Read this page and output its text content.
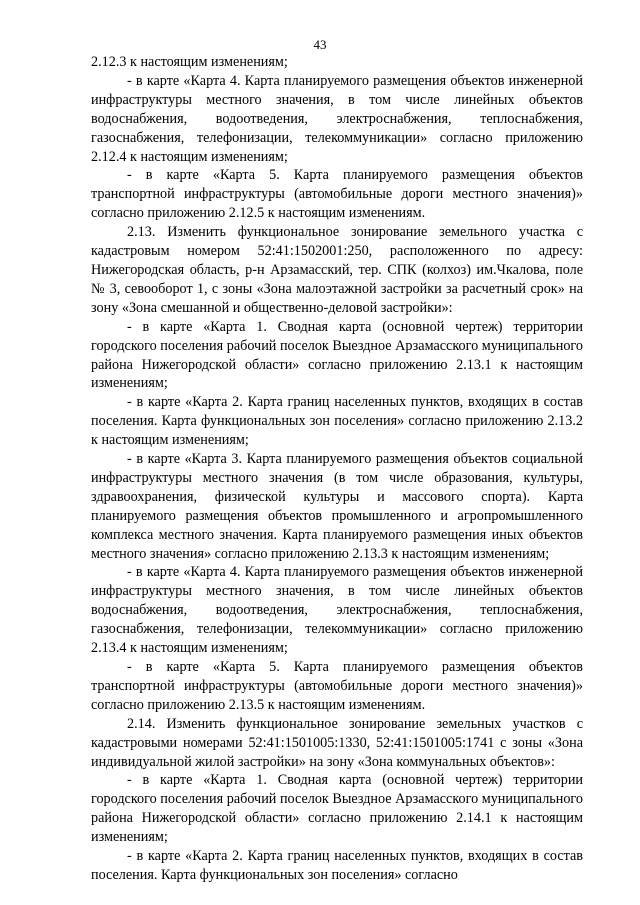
43

2.12.3 к настоящим изменениям;

- в карте «Карта 4. Карта планируемого размещения объектов инженерной инфраструктуры местного значения, в том числе линейных объектов водоснабжения, водоотведения, электроснабжения, теплоснабжения, газоснабжения, телефонизации, телекоммуникации» согласно приложению 2.12.4 к настоящим изменениям;

- в карте «Карта 5. Карта планируемого размещения объектов транспортной инфраструктуры (автомобильные дороги местного значения)» согласно приложению 2.12.5 к настоящим изменениям.

2.13. Изменить функциональное зонирование земельного участка с кадастровым номером 52:41:1502001:250, расположенного по адресу: Нижегородская область, р-н Арзамасский, тер. СПК (колхоз) им.Чкалова, поле № 3, севооборот 1, с зоны «Зона малоэтажной застройки за расчетный срок» на зону «Зона смешанной и общественно-деловой застройки»:

- в карте «Карта 1. Сводная карта (основной чертеж) территории городского поселения рабочий поселок Выездное Арзамасского муниципального района Нижегородской области» согласно приложению 2.13.1 к настоящим изменениям;

- в карте «Карта 2. Карта границ населенных пунктов, входящих в состав поселения. Карта функциональных зон поселения» согласно приложению 2.13.2 к настоящим изменениям;

- в карте «Карта 3. Карта планируемого размещения объектов социальной инфраструктуры местного значения (в том числе образования, культуры, здравоохранения, физической культуры и массового спорта). Карта планируемого размещения объектов промышленного и агропромышленного комплекса местного значения. Карта планируемого размещения иных объектов местного значения» согласно приложению 2.13.3 к настоящим изменениям;

- в карте «Карта 4. Карта планируемого размещения объектов инженерной инфраструктуры местного значения, в том числе линейных объектов водоснабжения, водоотведения, электроснабжения, теплоснабжения, газоснабжения, телефонизации, телекоммуникации» согласно приложению 2.13.4 к настоящим изменениям;

- в карте «Карта 5. Карта планируемого размещения объектов транспортной инфраструктуры (автомобильные дороги местного значения)» согласно приложению 2.13.5 к настоящим изменениям.

2.14. Изменить функциональное зонирование земельных участков с кадастровыми номерами 52:41:1501005:1330, 52:41:1501005:1741 с зоны «Зона индивидуальной жилой застройки» на зону «Зона коммунальных объектов»:

- в карте «Карта 1. Сводная карта (основной чертеж) территории городского поселения рабочий поселок Выездное Арзамасского муниципального района Нижегородской области» согласно приложению 2.14.1 к настоящим изменениям;

- в карте «Карта 2. Карта границ населенных пунктов, входящих в состав поселения. Карта функциональных зон поселения» согласно
